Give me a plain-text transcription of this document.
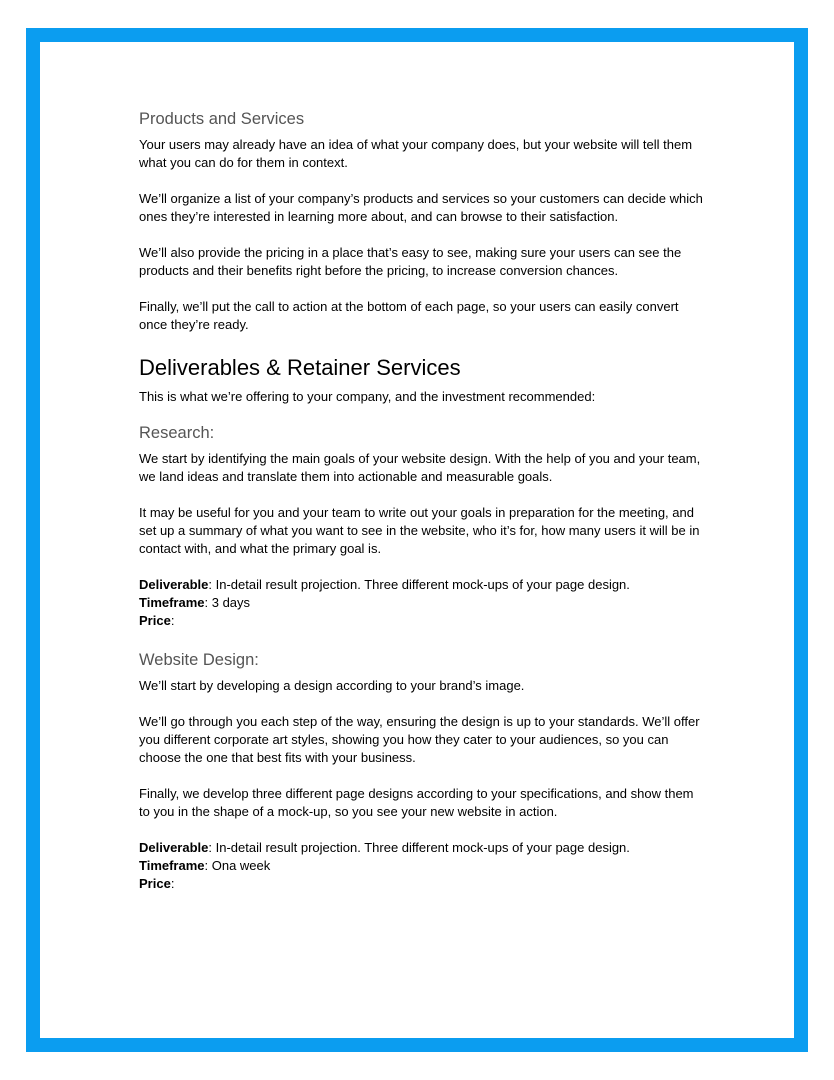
Products and Services

Your users may already have an idea of what your company does, but your website will tell them what you can do for them in context.

We’ll organize a list of your company’s products and services so your customers can decide which ones they’re interested in learning more about, and can browse to their satisfaction.

We’ll also provide the pricing in a place that’s easy to see, making sure your users can see the products and their benefits right before the pricing, to increase conversion chances.

Finally, we’ll put the call to action at the bottom of each page, so your users can easily convert once they’re ready.

Deliverables & Retainer Services

This is what we’re offering to your company, and the investment recommended:

Research:

We start by identifying the main goals of your website design. With the help of you and your team, we land ideas and translate them into actionable and measurable goals.

It may be useful for you and your team to write out your goals in preparation for the meeting, and set up a summary of what you want to see in the website, who it’s for, how many users it will be in contact with, and what the primary goal is.

Deliverable: In-detail result projection. Three different mock-ups of your page design.
Timeframe: 3 days
Price:
Website Design:

We’ll start by developing a design according to your brand’s image.

We’ll go through you each step of the way, ensuring the design is up to your standards. We’ll offer you different corporate art styles, showing you how they cater to your audiences, so you can choose the one that best fits with your business.

Finally, we develop three different page designs according to your specifications, and show them to you in the shape of a mock-up, so you see your new website in action.

Deliverable: In-detail result projection. Three different mock-ups of your page design.
Timeframe: Ona week
Price:
